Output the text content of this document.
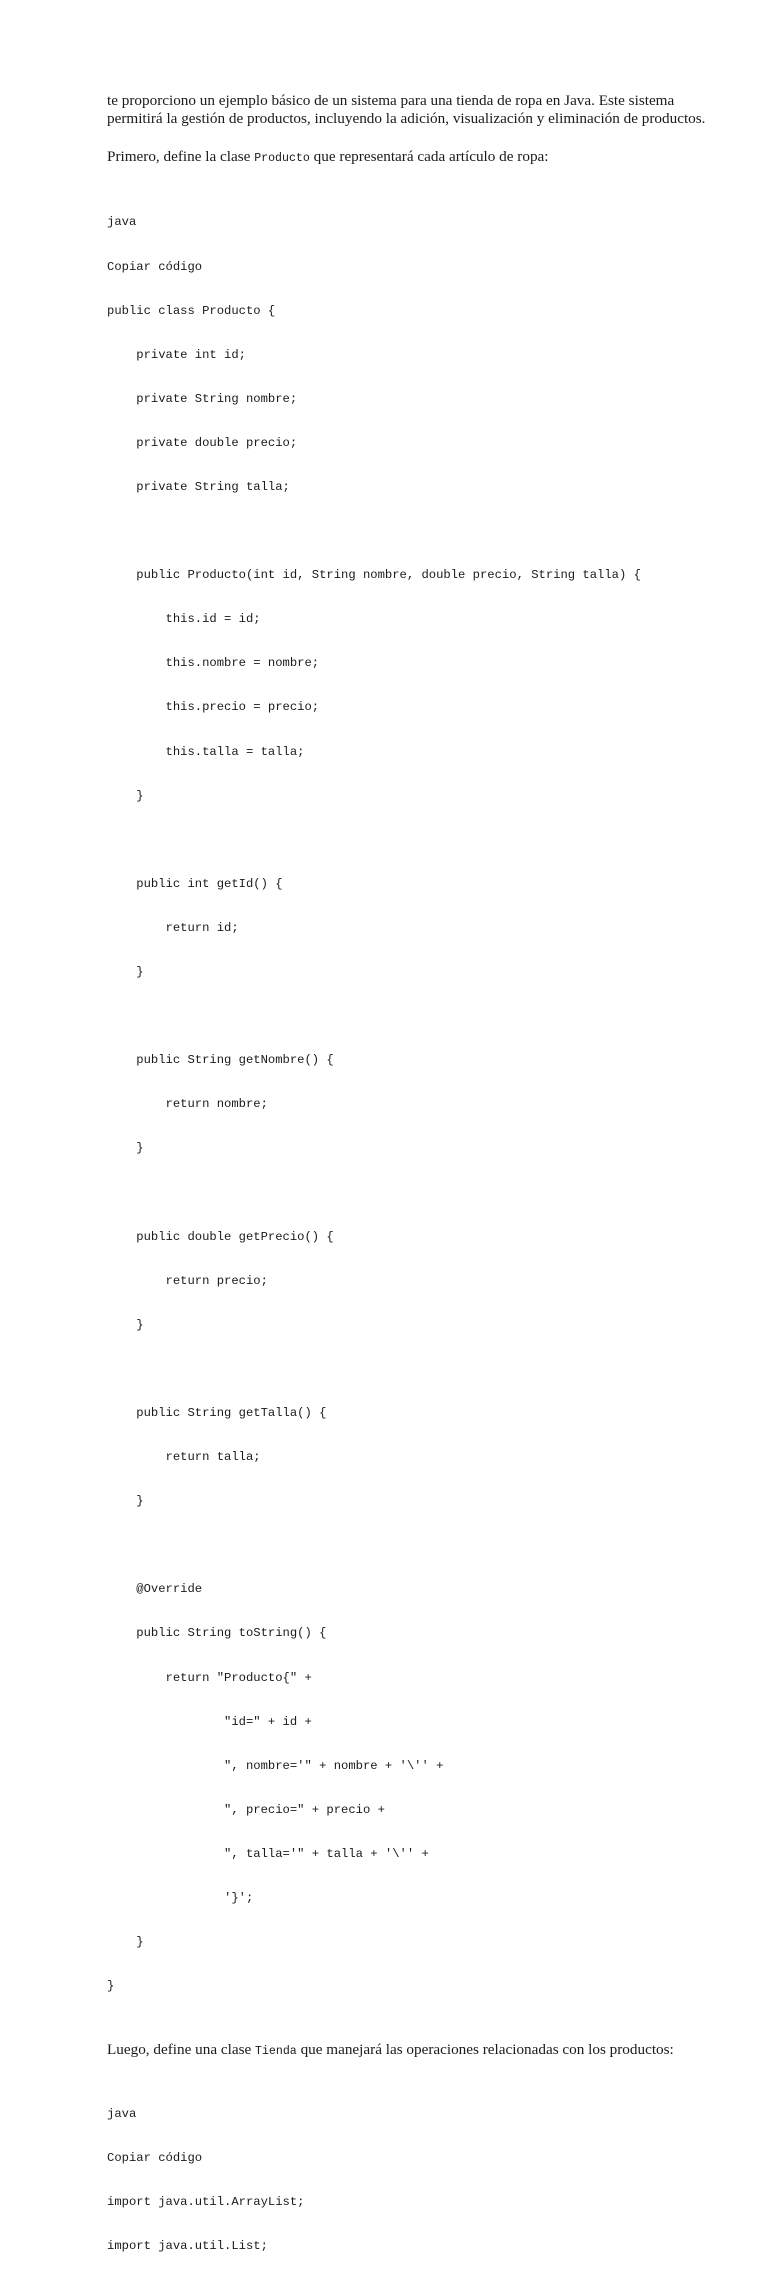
te proporciono un ejemplo básico de un sistema para una tienda de ropa en Java. Este sistema permitirá la gestión de productos, incluyendo la adición, visualización y eliminación de productos.

Primero, define la clase Producto que representará cada artículo de ropa:

java

Copiar código

public class Producto {

private int id;

private String nombre;

private double precio;

private String talla;

public Producto(int id, String nombre, double precio, String talla) {

this.id = id;

this.nombre = nombre;

this.precio = precio;

this.talla = talla;

}

public int getId() {

return id;

}

public String getNombre() {

return nombre;

}

public double getPrecio() {

return precio;

}

public String getTalla() {

return talla;

}

@Override

public String toString() {

return "Producto{" +

"id=" + id +

", nombre='" + nombre + '\'' +

", precio=" + precio +

", talla='" + talla + '\'' +

'}';

}

}

Luego, define una clase Tienda que manejará las operaciones relacionadas con los productos:

java

Copiar código

import java.util.ArrayList;

import java.util.List;
